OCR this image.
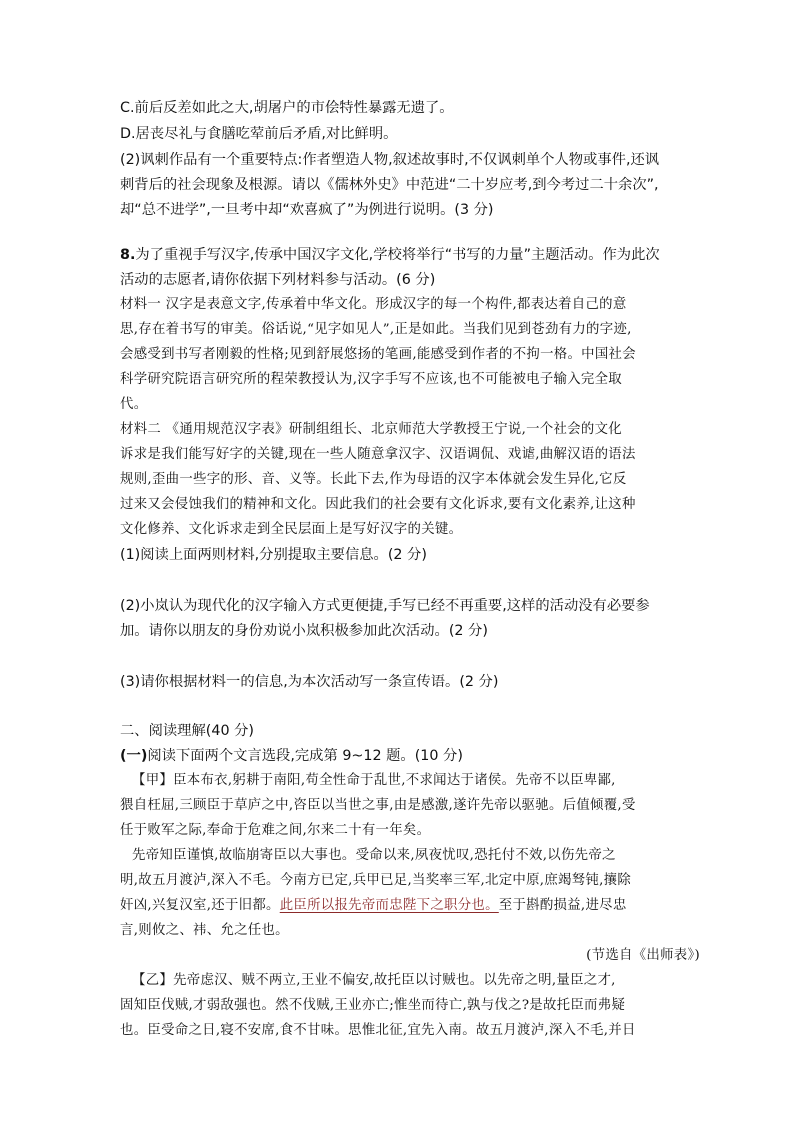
C.前后反差如此之大,胡屠户的市侩特性暴露无遗了。
D.居丧尽礼与食膳吃荤前后矛盾,对比鲜明。
(2)讽刺作品有一个重要特点:作者塑造人物,叙述故事时,不仅讽刺单个人物或事件,还讽
刺背后的社会现象及根源。请以《儒林外史》中范进“二十岁应考,到今考过二十余次”,
却“总不进学”,一旦考中却“欢喜疯了”为例进行说明。(3 分)
8.为了重视手写汉字,传承中国汉字文化,学校将举行“书写的力量”主题活动。作为此次
活动的志愿者,请你依据下列材料参与活动。(6 分)
材料一 汉字是表意文字,传承着中华文化。形成汉字的每一个构件,都表达着自己的意
思,存在着书写的审美。俗话说,“见字如见人”,正是如此。当我们见到苍劲有力的字迹,
会感受到书写者刚毅的性格;见到舒展悠扬的笔画,能感受到作者的不拘一格。中国社会
科学研究院语言研究所的程荣教授认为,汉字手写不应该,也不可能被电子输入完全取
代。
材料二 《通用规范汉字表》研制组组长、北京师范大学教授王宁说,一个社会的文化
诉求是我们能写好字的关键,现在一些人随意拿汉字、汉语调侃、戏谑,曲解汉语的语法
规则,歪曲一些字的形、音、义等。长此下去,作为母语的汉字本体就会发生异化,它反
过来又会侵蚀我们的精神和文化。因此我们的社会要有文化诉求,要有文化素养,让这种
文化修养、文化诉求走到全民层面上是写好汉字的关键。
(1)阅读上面两则材料,分别提取主要信息。(2 分)
(2)小岚认为现代化的汉字输入方式更便捷,手写已经不再重要,这样的活动没有必要参
加。请你以朋友的身份劝说小岚积极参加此次活动。(2 分)
(3)请你根据材料一的信息,为本次活动写一条宣传语。(2 分)
二、阅读理解(40 分)
(一)阅读下面两个文言选段,完成第 9~12 题。(10 分)
【甲】臣本布衣,躬耕于南阳,苟全性命于乱世,不求闻达于诸侯。先帝不以臣卑鄙,
猥自枉屈,三顾臣于草庐之中,咨臣以当世之事,由是感激,遂许先帝以驱驰。后值倾覆,受
任于败军之际,奉命于危难之间,尔来二十有一年矣。
先帝知臣谨慎,故临崩寄臣以大事也。受命以来,夙夜忧叹,恐托付不效,以伤先帝之
明,故五月渡泸,深入不毛。今南方已定,兵甲已足,当奖率三军,北定中原,庶竭驽钝,攘除
奸凶,兴复汉室,还于旧都。此臣所以报先帝而忠陛下之职分也。至于斟酌损益,进尽忠
言,则攸之、祎、允之任也。
(节选自《出师表》)
【乙】先帝虑汉、贼不两立,王业不偏安,故托臣以讨贼也。以先帝之明,量臣之才,
固知臣伐贼,才弱敌强也。然不伐贼,王业亦亡;惟坐而待亡,孰与伐之?是故托臣而弗疑
也。臣受命之日,寝不安席,食不甘味。思惟北征,宜先入南。故五月渡泸,深入不毛,并日
